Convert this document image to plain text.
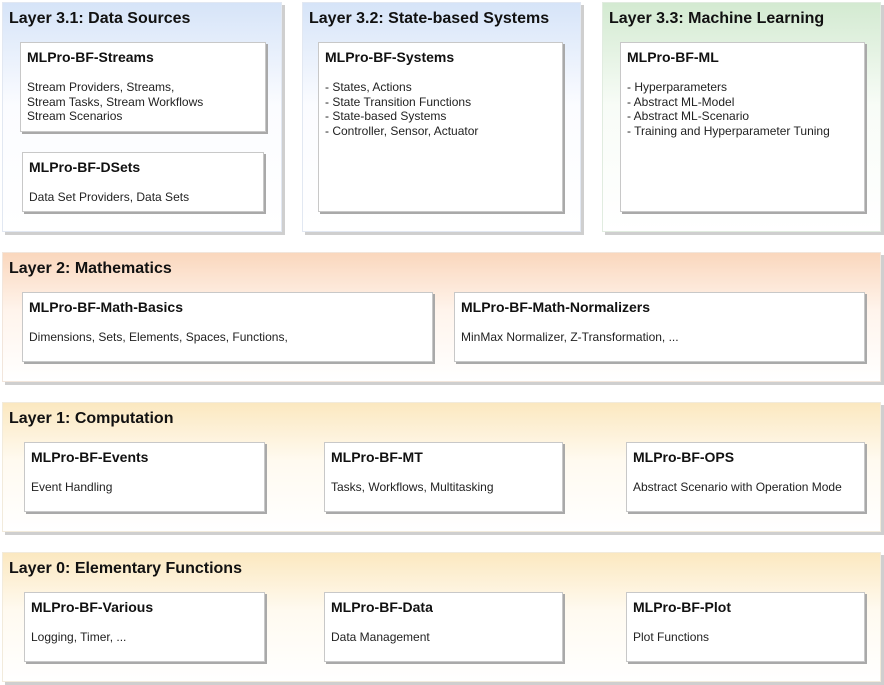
Layer 3.1: Data Sources
MLPro-BF-Streams
Stream Providers, Streams,
Stream Tasks, Stream Workflows
Stream Scenarios
MLPro-BF-DSets
Data Set Providers, Data Sets
Layer 3.2: State-based Systems
MLPro-BF-Systems
- States, Actions
- State Transition Functions
- State-based Systems
- Controller, Sensor, Actuator
Layer 3.3: Machine Learning
MLPro-BF-ML
- Hyperparameters
- Abstract ML-Model
- Abstract ML-Scenario
- Training and Hyperparameter Tuning
Layer 2: Mathematics
MLPro-BF-Math-Basics
Dimensions, Sets, Elements, Spaces, Functions,
MLPro-BF-Math-Normalizers
MinMax Normalizer, Z-Transformation, ...
Layer 1: Computation
MLPro-BF-Events
Event Handling
MLPro-BF-MT
Tasks, Workflows, Multitasking
MLPro-BF-OPS
Abstract Scenario with Operation Mode
Layer 0: Elementary Functions
MLPro-BF-Various
Logging, Timer, ...
MLPro-BF-Data
Data Management
MLPro-BF-Plot
Plot Functions
